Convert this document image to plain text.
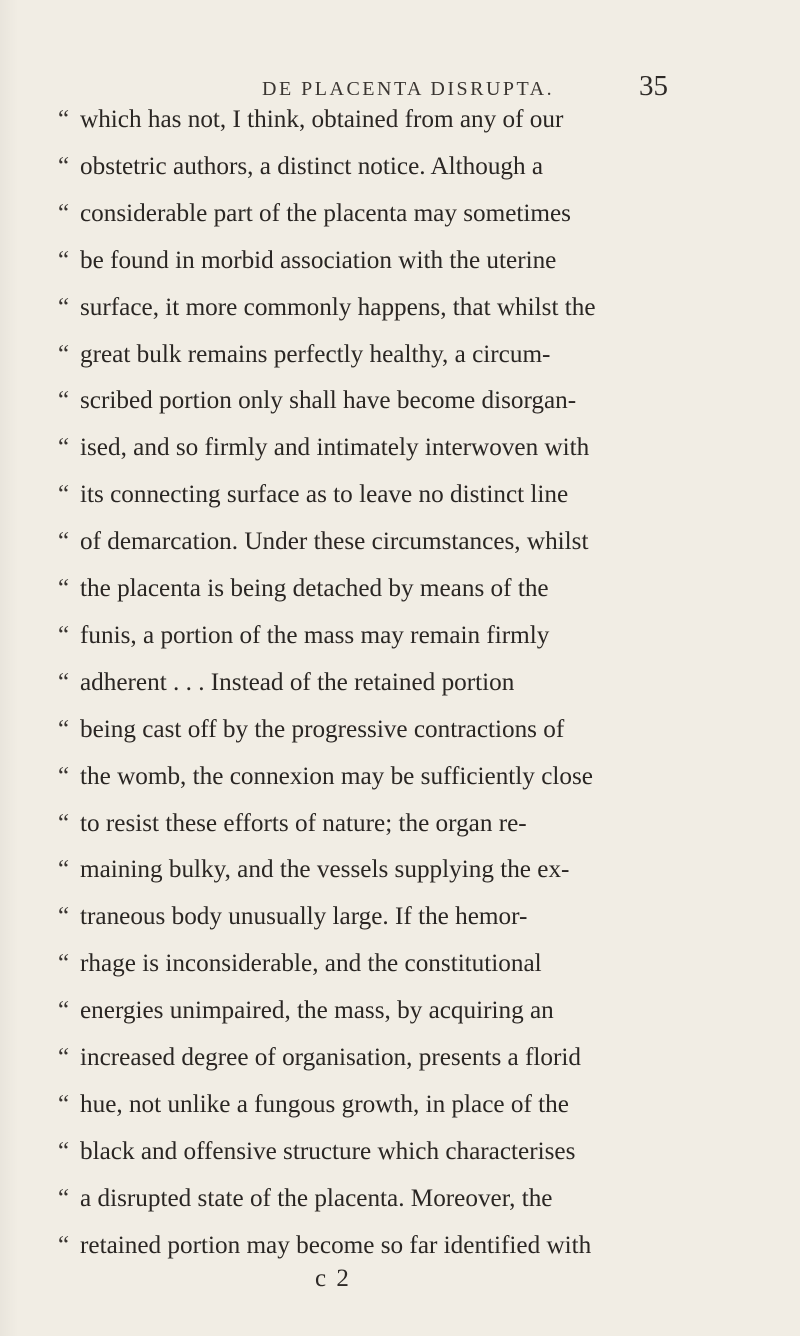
DE PLACENTA DISRUPTA.	35
“ which has not, I think, obtained from any of our
“ obstetric authors, a distinct notice. Although a
“ considerable part of the placenta may sometimes
“ be found in morbid association with the uterine
“ surface, it more commonly happens, that whilst the
“ great bulk remains perfectly healthy, a circum-
“ scribed portion only shall have become disorgan-
“ ised, and so firmly and intimately interwoven with
“ its connecting surface as to leave no distinct line
“ of demarcation. Under these circumstances, whilst
“ the placenta is being detached by means of the
“ funis, a portion of the mass may remain firmly
“ adherent . . . Instead of the retained portion
“ being cast off by the progressive contractions of
“ the womb, the connexion may be sufficiently close
“ to resist these efforts of nature; the organ re-
“ maining bulky, and the vessels supplying the ex-
“ traneous body unusually large. If the hemor-
“ rhage is inconsiderable, and the constitutional
“ energies unimpaired, the mass, by acquiring an
“ increased degree of organisation, presents a florid
“ hue, not unlike a fungous growth, in place of the
“ black and offensive structure which characterises
“ a disrupted state of the placenta. Moreover, the
“ retained portion may become so far identified with
c 2
